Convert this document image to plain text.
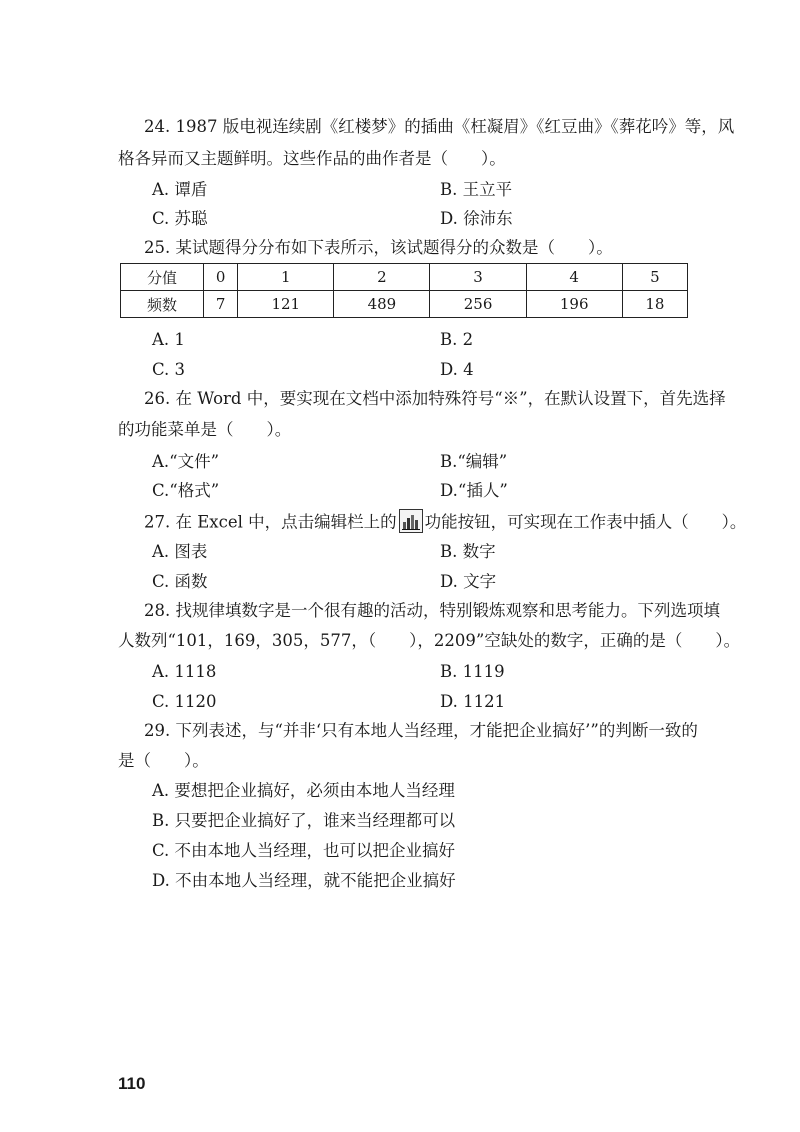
24. 1987 版电视连续剧《红楼梦》的插曲《枉凝眉》《红豆曲》《葬花吟》等，风
格各异而又主题鲜明。这些作品的曲作者是（　　）。
A. 谭盾	B. 王立平
C. 苏聪	D. 徐沛东
25. 某试题得分分布如下表所示，该试题得分的众数是（　　）。
分值	0	1	2	3	4	5
频数	7	121	489	256	196	18
A. 1	B. 2
C. 3	D. 4
26. 在 Word 中，要实现在文档中添加特殊符号“※”，在默认设置下，首先选择
的功能菜单是（　　）。
A.“文件”	B.“编辑”
C.“格式”	D.“插人”
27. 在 Excel 中，点击编辑栏上的 功能按钮，可实现在工作表中插人（　　）。
A. 图表	B. 数字
C. 函数	D. 文字
28. 找规律填数字是一个很有趣的活动，特别锻炼观察和思考能力。下列选项填
人数列“101，169，305，577，（　　），2209”空缺处的数字，正确的是（　　）。
A. 1118	B. 1119
C. 1120	D. 1121
29. 下列表述，与“并非‘只有本地人当经理，才能把企业搞好’”的判断一致的
是（　　）。
A. 要想把企业搞好，必须由本地人当经理
B. 只要把企业搞好了，谁来当经理都可以
C. 不由本地人当经理，也可以把企业搞好
D. 不由本地人当经理，就不能把企业搞好
110
